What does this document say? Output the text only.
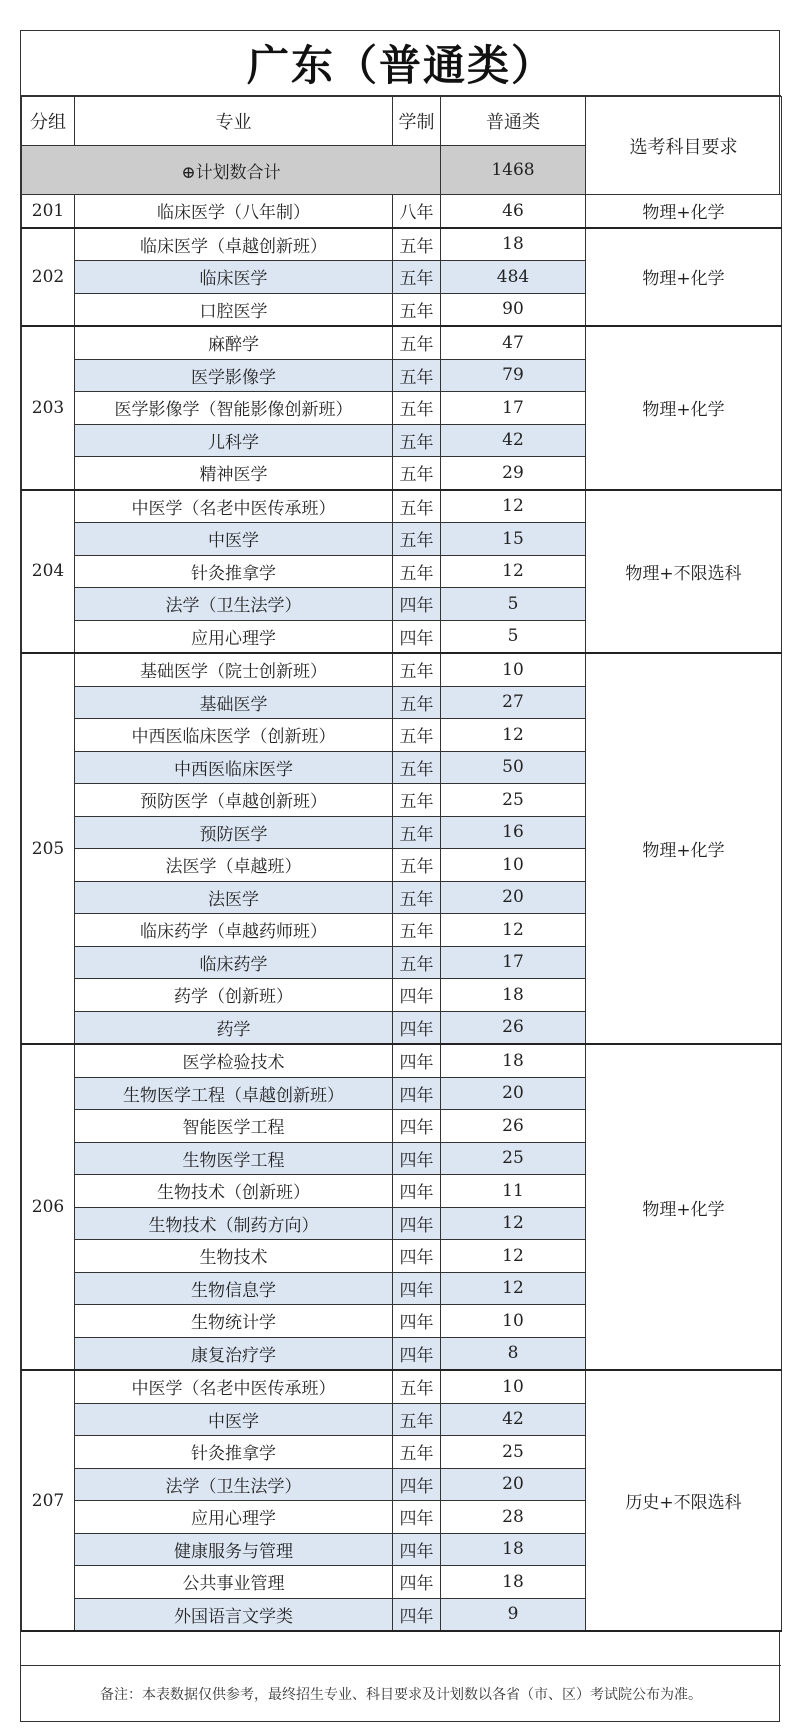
广东（普通类）
分组	专业	学制	普通类	选考科目要求
⊕计划数合计			1468	
201	临床医学（八年制）	八年	46	物理+化学
202	临床医学（卓越创新班）	五年	18	物理+化学
	临床医学	五年	484	
	口腔医学	五年	90	
203	麻醉学	五年	47	物理+化学
	医学影像学	五年	79	
	医学影像学（智能影像创新班）	五年	17	
	儿科学	五年	42	
	精神医学	五年	29	
204	中医学（名老中医传承班）	五年	12	物理+不限选科
	中医学	五年	15	
	针灸推拿学	五年	12	
	法学（卫生法学）	四年	5	
	应用心理学	四年	5	
205	基础医学（院士创新班）	五年	10	物理+化学
	基础医学	五年	27	
	中西医临床医学（创新班）	五年	12	
	中西医临床医学	五年	50	
	预防医学（卓越创新班）	五年	25	
	预防医学	五年	16	
	法医学（卓越班）	五年	10	
	法医学	五年	20	
	临床药学（卓越药师班）	五年	12	
	临床药学	五年	17	
	药学（创新班）	四年	18	
	药学	四年	26	
206	医学检验技术	四年	18	物理+化学
	生物医学工程（卓越创新班）	四年	20	
	智能医学工程	四年	26	
	生物医学工程	四年	25	
	生物技术（创新班）	四年	11	
	生物技术（制药方向）	四年	12	
	生物技术	四年	12	
	生物信息学	四年	12	
	生物统计学	四年	10	
	康复治疗学	四年	8	
207	中医学（名老中医传承班）	五年	10	历史+不限选科
	中医学	五年	42	
	针灸推拿学	五年	25	
	法学（卫生法学）	四年	20	
	应用心理学	四年	28	
	健康服务与管理	四年	18	
	公共事业管理	四年	18	
	外国语言文学类	四年	9	
备注：本表数据仅供参考，最终招生专业、科目要求及计划数以各省（市、区）考试院公布为准。
